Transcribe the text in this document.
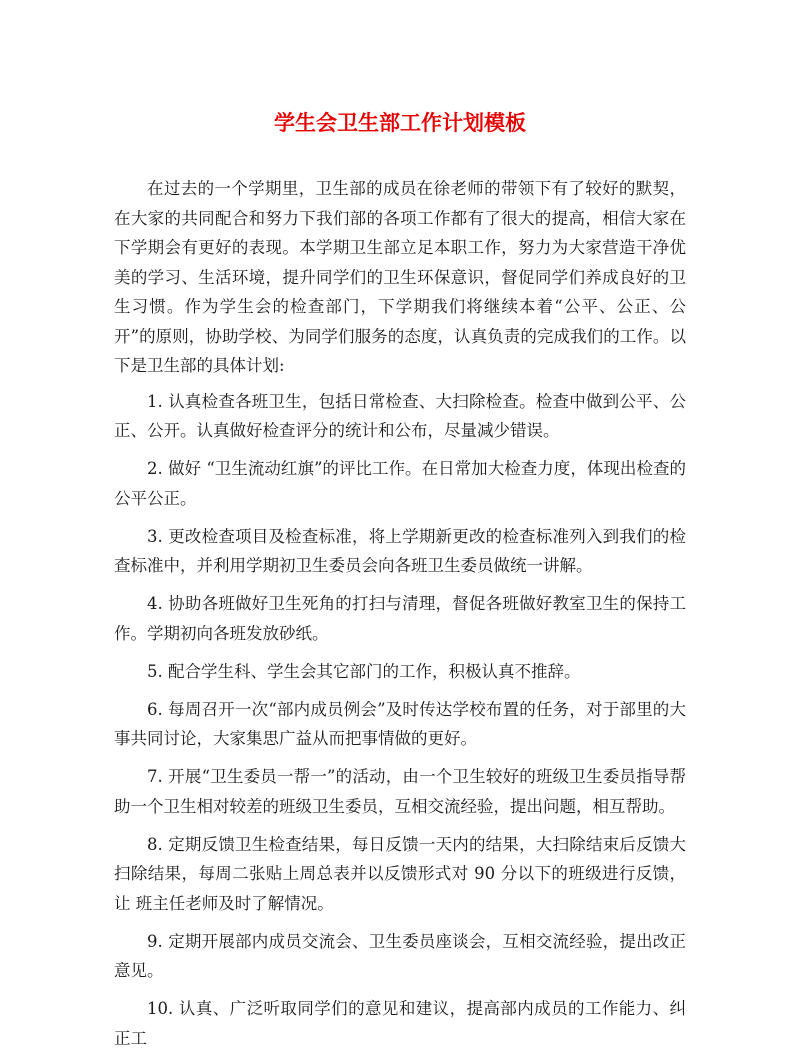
学生会卫生部工作计划模板

在过去的一个学期里，卫生部的成员在徐老师的带领下有了较好的默契，在大家的共同配合和努力下我们部的各项工作都有了很大的提高，相信大家在下学期会有更好的表现。本学期卫生部立足本职工作，努力为大家营造干净优美的学习、生活环境，提升同学们的卫生环保意识，督促同学们养成良好的卫生习惯。作为学生会的检查部门，下学期我们将继续本着“公平、公正、公开”的原则，协助学校、为同学们服务的态度，认真负责的完成我们的工作。以下是卫生部的具体计划:

1. 认真检查各班卫生，包括日常检查、大扫除检查。检查中做到公平、公正、公开。认真做好检查评分的统计和公布，尽量减少错误。

2. 做好 “卫生流动红旗”的评比工作。在日常加大检查力度，体现出检查的公平公正。

3. 更改检查项目及检查标准，将上学期新更改的检查标准列入到我们的检查标准中，并利用学期初卫生委员会向各班卫生委员做统一讲解。

4. 协助各班做好卫生死角的打扫与清理，督促各班做好教室卫生的保持工作。学期初向各班发放砂纸。

5. 配合学生科、学生会其它部门的工作，积极认真不推辞。

6. 每周召开一次“部内成员例会”及时传达学校布置的任务，对于部里的大事共同讨论，大家集思广益从而把事情做的更好。

7. 开展“卫生委员一帮一”的活动，由一个卫生较好的班级卫生委员指导帮助一个卫生相对较差的班级卫生委员，互相交流经验，提出问题，相互帮助。

8. 定期反馈卫生检查结果，每日反馈一天内的结果，大扫除结束后反馈大扫除结果，每周二张贴上周总表并以反馈形式对 90 分以下的班级进行反馈，让 班主任老师及时了解情况。

9. 定期开展部内成员交流会、卫生委员座谈会，互相交流经验，提出改正意见。

10. 认真、广泛听取同学们的意见和建议，提高部内成员的工作能力、纠正工
